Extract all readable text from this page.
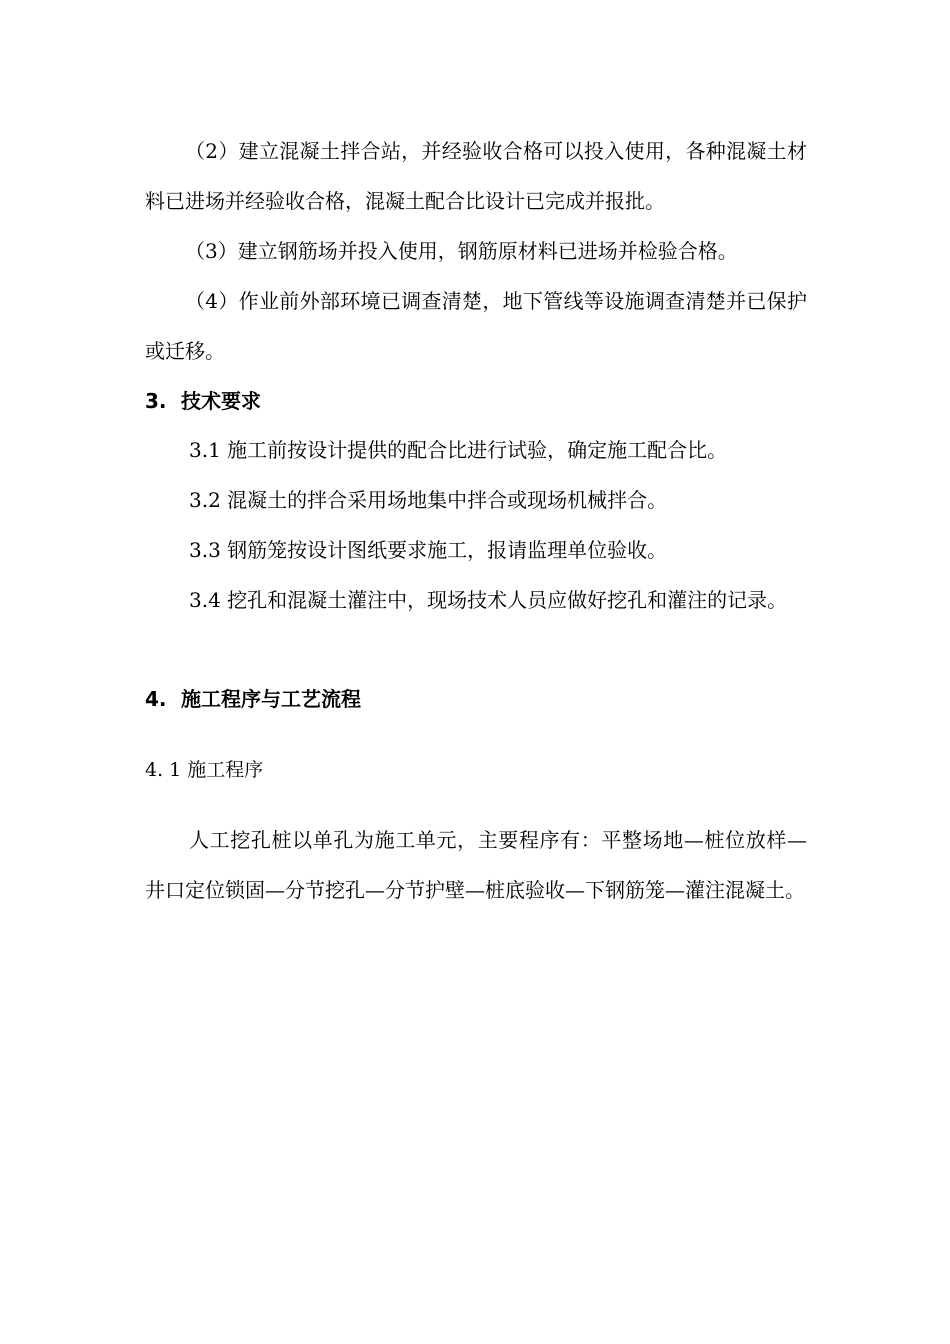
（2）建立混凝土拌合站，并经验收合格可以投入使用，各种混凝土材料已进场并经验收合格，混凝土配合比设计已完成并报批。

（3）建立钢筋场并投入使用，钢筋原材料已进场并检验合格。

（4）作业前外部环境已调查清楚，地下管线等设施调查清楚并已保护或迁移。

3. 技术要求

3.1 施工前按设计提供的配合比进行试验，确定施工配合比。

3.2 混凝土的拌合采用场地集中拌合或现场机械拌合。

3.3 钢筋笼按设计图纸要求施工，报请监理单位验收。

3.4 挖孔和混凝土灌注中，现场技术人员应做好挖孔和灌注的记录。

4. 施工程序与工艺流程

4. 1 施工程序

人工挖孔桩以单孔为施工单元，主要程序有：平整场地—桩位放样—井口定位锁固—分节挖孔—分节护壁—桩底验收—下钢筋笼—灌注混凝土。
